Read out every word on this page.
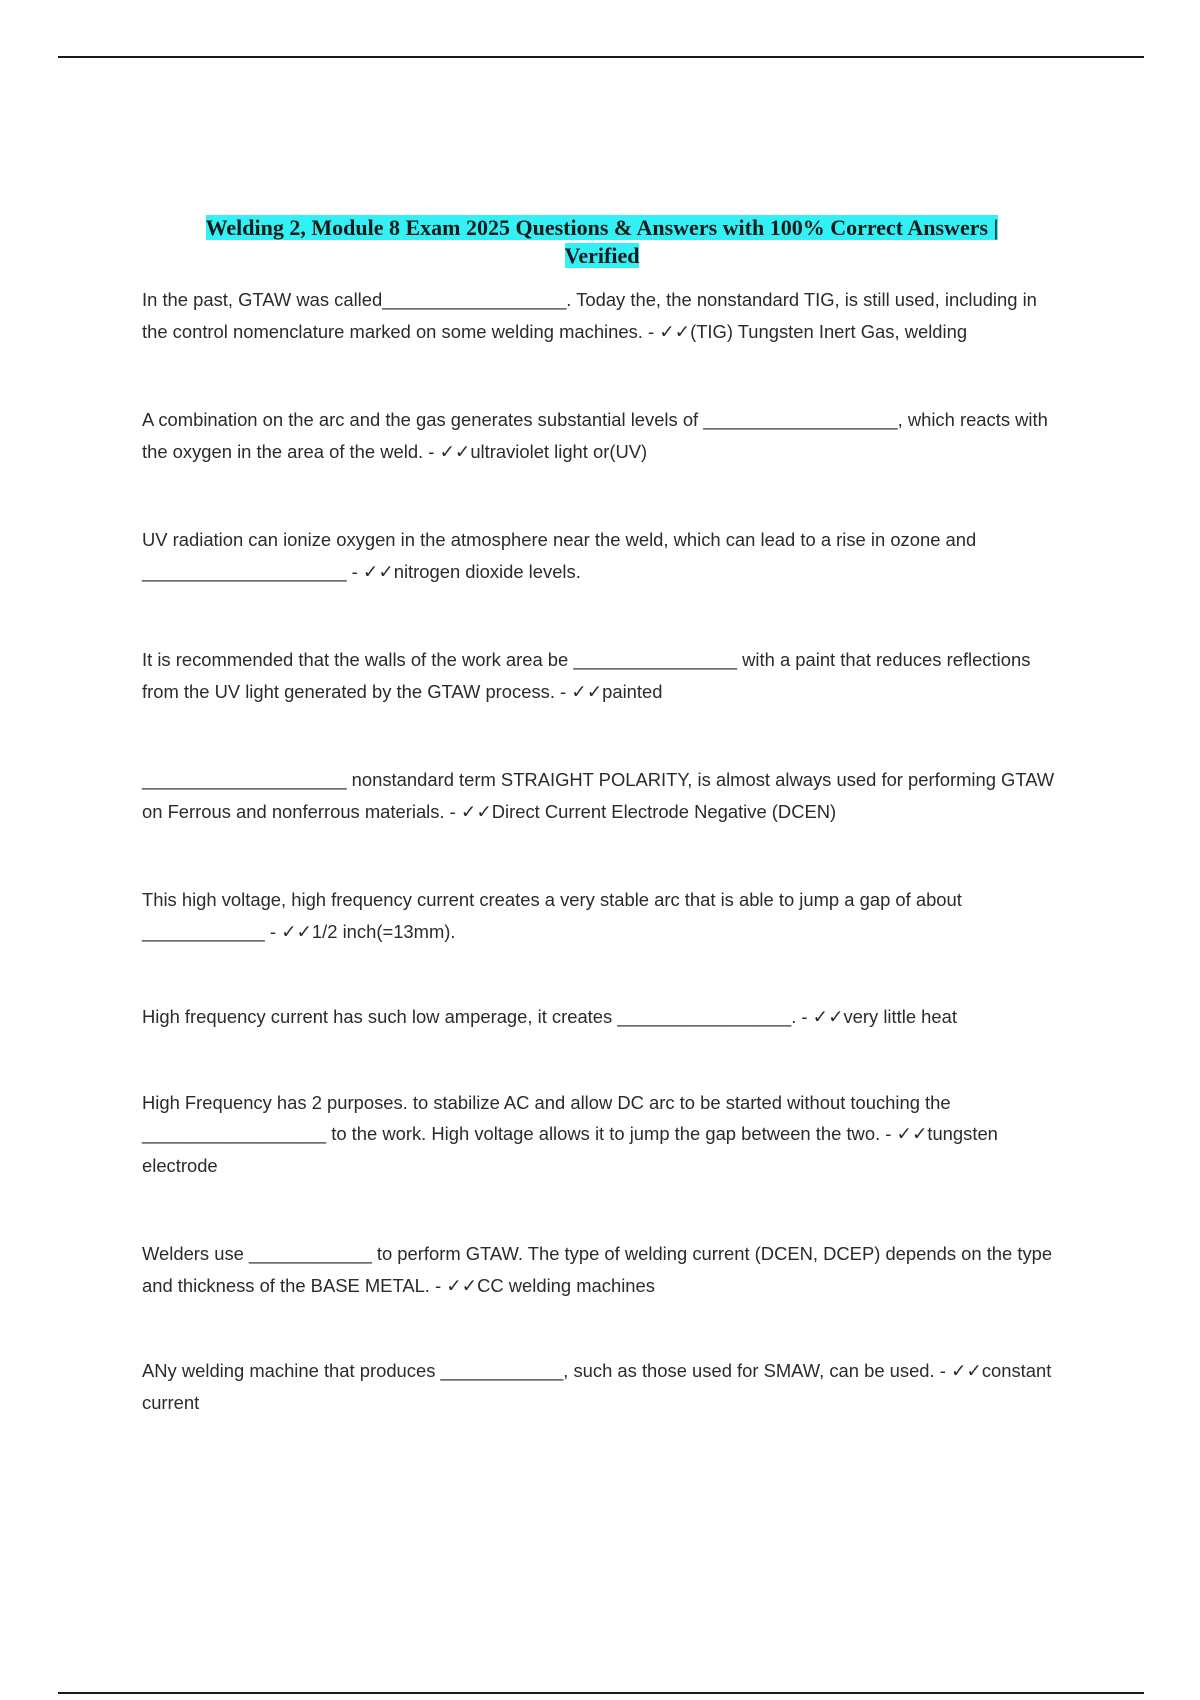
Welding 2, Module 8 Exam 2025 Questions & Answers with 100% Correct Answers |
Verified

In the past, GTAW was called__________________. Today the, the nonstandard TIG, is still used, including in the control nomenclature marked on some welding machines. - ✓✓(TIG) Tungsten Inert Gas, welding

A combination on the arc and the gas generates substantial levels of ___________________, which reacts with the oxygen in the area of the weld. - ✓✓ultraviolet light or(UV)

UV radiation can ionize oxygen in the atmosphere near the weld, which can lead to a rise in ozone and ____________________ - ✓✓nitrogen dioxide levels.

It is recommended that the walls of the work area be ________________ with a paint that reduces reflections from the UV light generated by the GTAW process. - ✓✓painted

____________________ nonstandard term STRAIGHT POLARITY, is almost always used for performing GTAW on Ferrous and nonferrous materials. - ✓✓Direct Current Electrode Negative (DCEN)

This high voltage, high frequency current creates a very stable arc that is able to jump a gap of about ____________ - ✓✓1/2 inch(=13mm).

High frequency current has such low amperage, it creates _________________. - ✓✓very little heat

High Frequency has 2 purposes. to stabilize AC and allow DC arc to be started without touching the __________________ to the work. High voltage allows it to jump the gap between the two. - ✓✓tungsten electrode

Welders use ____________ to perform GTAW. The type of welding current (DCEN, DCEP) depends on the type and thickness of the BASE METAL. - ✓✓CC welding machines

ANy welding machine that produces ____________, such as those used for SMAW, can be used. - ✓✓constant current
